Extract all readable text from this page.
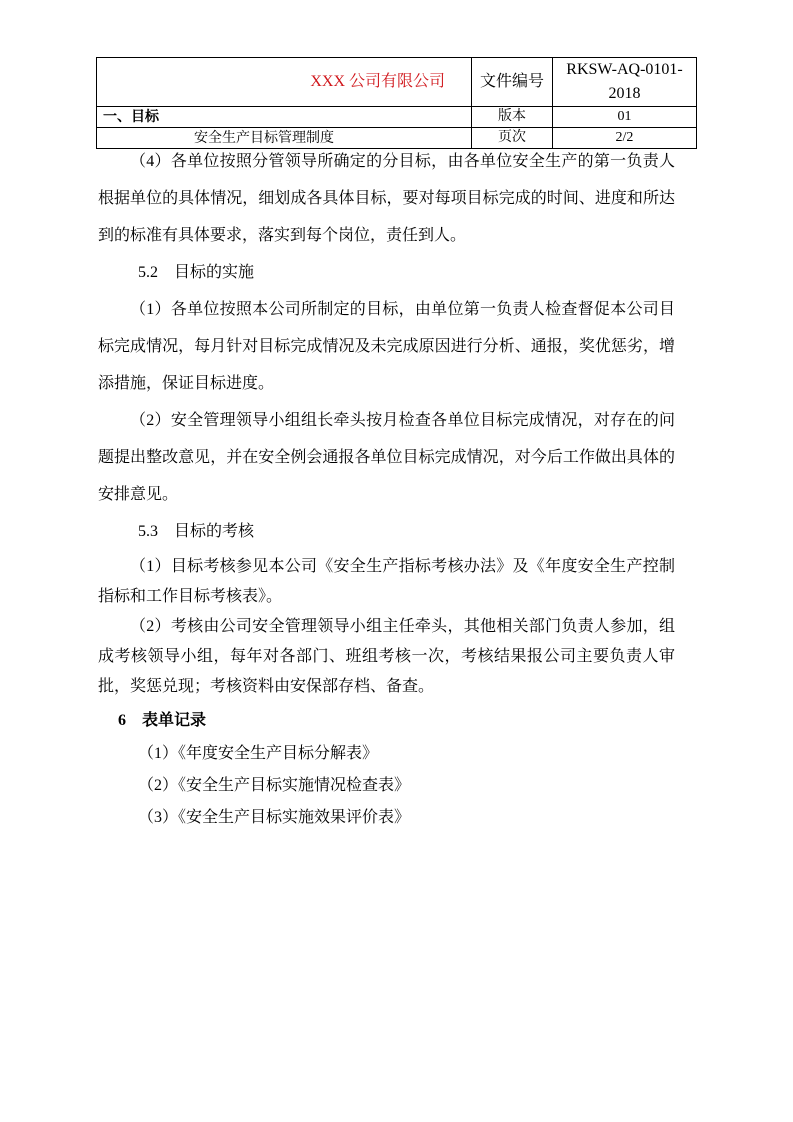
XXX 公司有限公司	文件编号	RKSW-AQ-0101-2018
一、目标	版本	01
安全生产目标管理制度	页次	2/2

（4）各单位按照分管领导所确定的分目标，由各单位安全生产的第一负责人根据单位的具体情况，细划成各具体目标，要对每项目标完成的时间、进度和所达到的标准有具体要求，落实到每个岗位，责任到人。

5.2　目标的实施

（1）各单位按照本公司所制定的目标，由单位第一负责人检查督促本公司目标完成情况，每月针对目标完成情况及未完成原因进行分析、通报，奖优惩劣，增添措施，保证目标进度。

（2）安全管理领导小组组长牵头按月检查各单位目标完成情况，对存在的问题提出整改意见，并在安全例会通报各单位目标完成情况，对今后工作做出具体的安排意见。

5.3　目标的考核

（1）目标考核参见本公司《安全生产指标考核办法》及《年度安全生产控制指标和工作目标考核表》。

（2）考核由公司安全管理领导小组主任牵头，其他相关部门负责人参加，组成考核领导小组，每年对各部门、班组考核一次，考核结果报公司主要负责人审批，奖惩兑现；考核资料由安保部存档、备查。

6　表单记录

（1）《年度安全生产目标分解表》

（2）《安全生产目标实施情况检查表》

（3）《安全生产目标实施效果评价表》
